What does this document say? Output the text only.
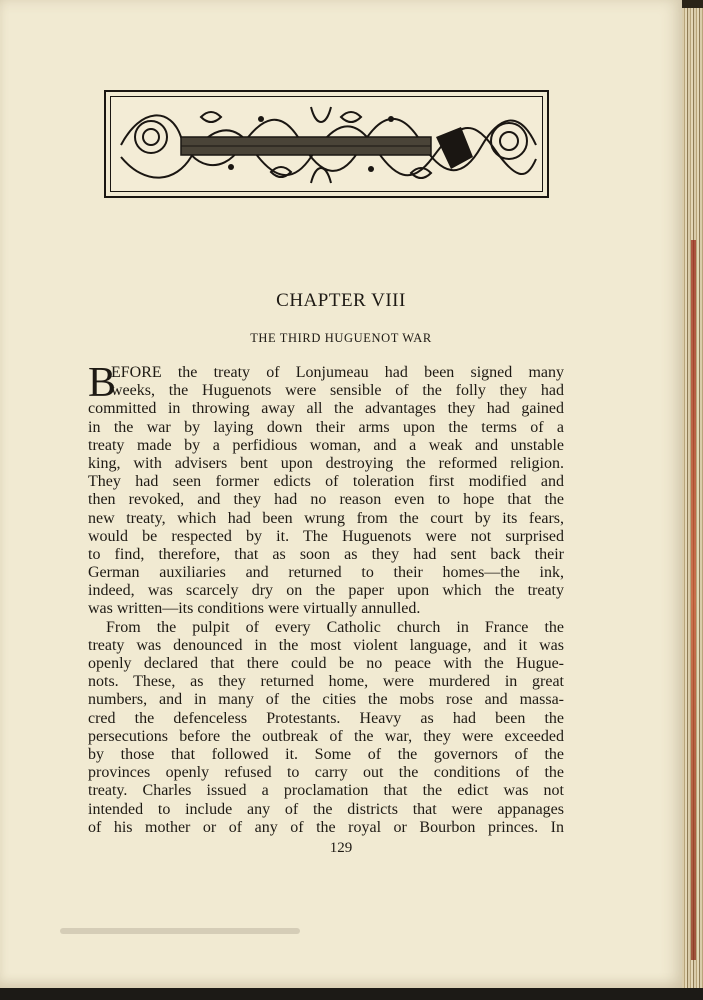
CHAPTER VIII
THE THIRD HUGUENOT WAR
B
EFORE the treaty of Lonjumeau had been signed many
weeks, the Huguenots were sensible of the folly they had
committed in throwing away all the advantages they had gained
in the war by laying down their arms upon the terms of a
treaty made by a perfidious woman, and a weak and unstable
king, with advisers bent upon destroying the reformed religion.
They had seen former edicts of toleration first modified and
then revoked, and they had no reason even to hope that the
new treaty, which had been wrung from the court by its fears,
would be respected by it. The Huguenots were not surprised
to find, therefore, that as soon as they had sent back their
German auxiliaries and returned to their homes—the ink,
indeed, was scarcely dry on the paper upon which the treaty
was written—its conditions were virtually annulled.
From the pulpit of every Catholic church in France the
treaty was denounced in the most violent language, and it was
openly declared that there could be no peace with the Hugue-
nots. These, as they returned home, were murdered in great
numbers, and in many of the cities the mobs rose and massa-
cred the defenceless Protestants. Heavy as had been the
persecutions before the outbreak of the war, they were exceeded
by those that followed it. Some of the governors of the
provinces openly refused to carry out the conditions of the
treaty. Charles issued a proclamation that the edict was not
intended to include any of the districts that were appanages
of his mother or of any of the royal or Bourbon princes. In
129
